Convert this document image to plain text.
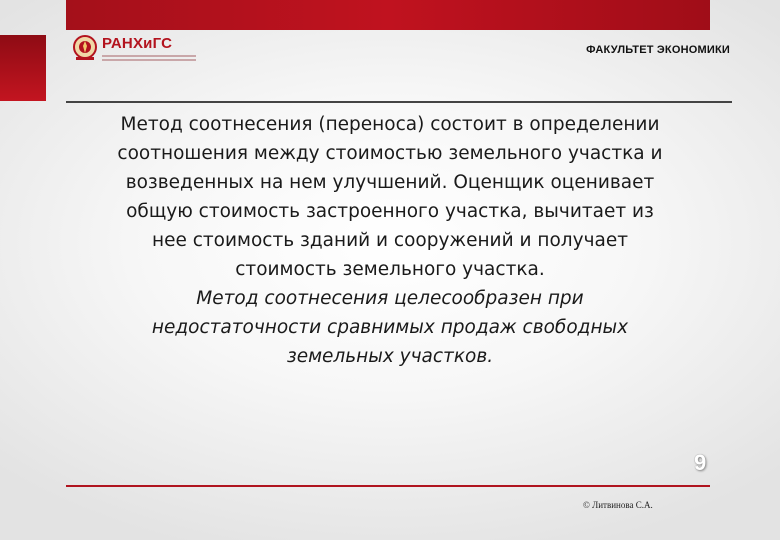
РАНХиГС	ФАКУЛЬТЕТ ЭКОНОМИКИ

Метод соотнесения (переноса) состоит в определении соотношения между стоимостью земельного участка и возведенных на нем улучшений. Оценщик оценивает общую стоимость застроенного участка, вычитает из нее стоимость зданий и сооружений и получает стоимость земельного участка.

Метод соотнесения целесообразен при недостаточности сравнимых продаж свободных земельных участков.

9
© Литвинова С.А.
